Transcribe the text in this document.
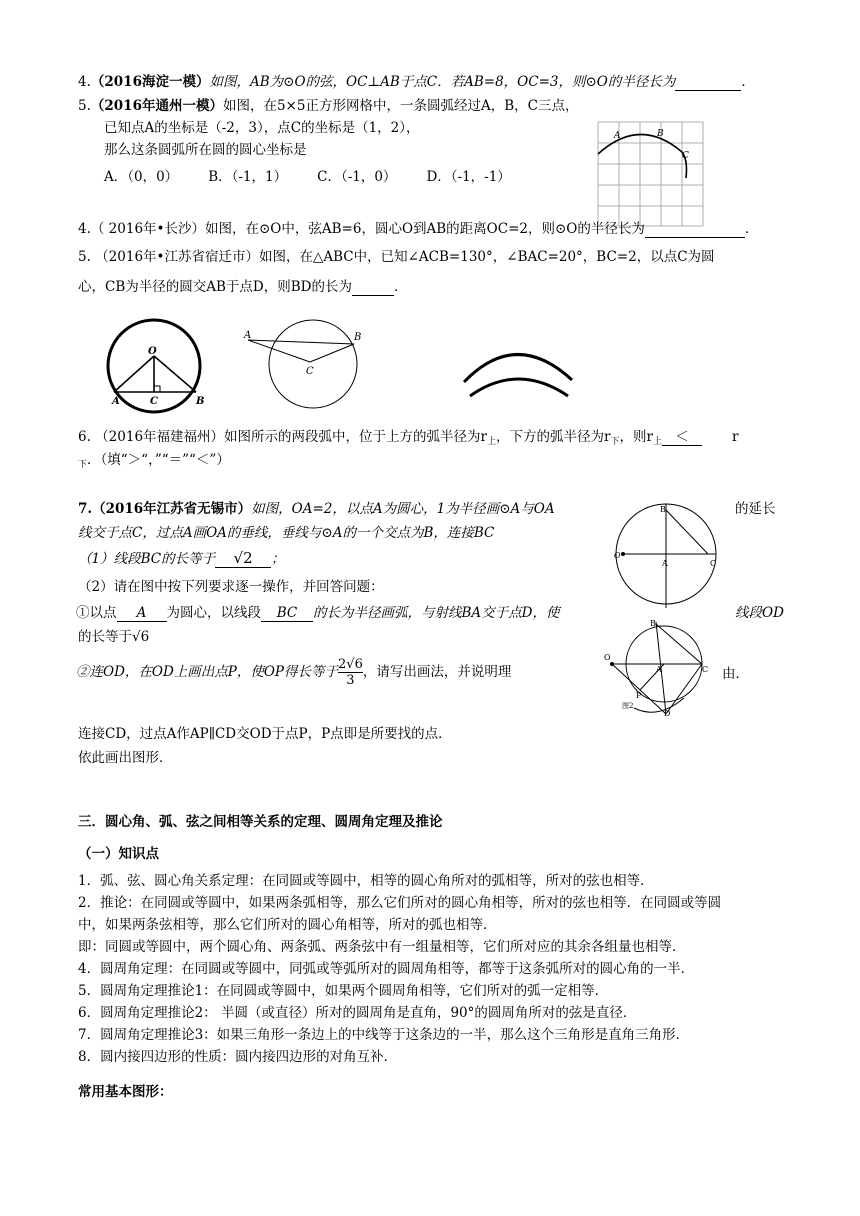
4.（2016海淀一模）如图，AB为⊙O的弦，OC⊥AB于点C．若AB=8，OC=3，则⊙O的半径长为	．
5.（2016年通州一模）如图，在5×5正方形网格中，一条圆弧经过A，B，C三点，
已知点A的坐标是（-2，3），点C的坐标是（1，2），
那么这条圆弧所在圆的圆心坐标是
A．（0，0） B．（-1，1） C．（-1，0） D．（-1，-1）
A	B
C
4.（ 2016年•长沙）如图，在⊙O中，弦AB=6，圆心O到AB的距离OC=2，则⊙O的半径长为	．
5. （2016年•江苏省宿迁市）如图，在△ABC中，已知∠ACB=130°，∠BAC=20°，BC=2，以点C为圆
心，CB为半径的圆交AB于点D，则BD的长为	．
O
A	C	B
A	B
C
6. （2016年福建福州）如图所示的两段弧中，位于上方的弧半径为$r_上$，下方的弧半径为$r_下$，则$r_上$ ＜	r
$_下$．（填“＞“，”“＝”“＜”）
7.（2016年江苏省无锡市）如图，OA=2，以点A为圆心，1为半径画⊙A与OA	的延长
线交于点C，过点A画OA的垂线，垂线与⊙A的一个交点为B，连接BC
（1）线段BC的长等于 √2 ；
（2）请在图中按下列要求逐一操作，并回答问题：
①以点 A 为圆心，以线段 BC 的长为半径画弧，与射线BA交于点D，使	线段OD
的长等于√6
②连OD，在OD上画出点P，使OP得长等于 $\frac{2√6}{3}$ ，请写出画法，并说明理	由．
B
O
A	C
B
O
A	C
P
D
图2
连接CD，过点A作AP∥CD交OD于点P，P点即是所要找的点．
依此画出图形．
三．圆心角、弧、弦之间相等关系的定理、圆周角定理及推论
（一）知识点
1．弧、弦、圆心角关系定理：在同圆或等圆中，相等的圆心角所对的弧相等，所对的弦也相等．
2．推论：在同圆或等圆中，如果两条弧相等，那么它们所对的圆心角相等，所对的弦也相等．在同圆或等圆
中，如果两条弦相等，那么它们所对的圆心角相等，所对的弧也相等．
即：同圆或等圆中，两个圆心角、两条弧、两条弦中有一组量相等，它们所对应的其余各组量也相等．
4．圆周角定理：在同圆或等圆中，同弧或等弧所对的圆周角相等，都等于这条弧所对的圆心角的一半．
5．圆周角定理推论1：在同圆或等圆中，如果两个圆周角相等，它们所对的弧一定相等．
6．圆周角定理推论2： 半圆（或直径）所对的圆周角是直角，90°的圆周角所对的弦是直径．
7．圆周角定理推论3：如果三角形一条边上的中线等于这条边的一半，那么这个三角形是直角三角形．
8．圆内接四边形的性质：圆内接四边形的对角互补．
常用基本图形：
